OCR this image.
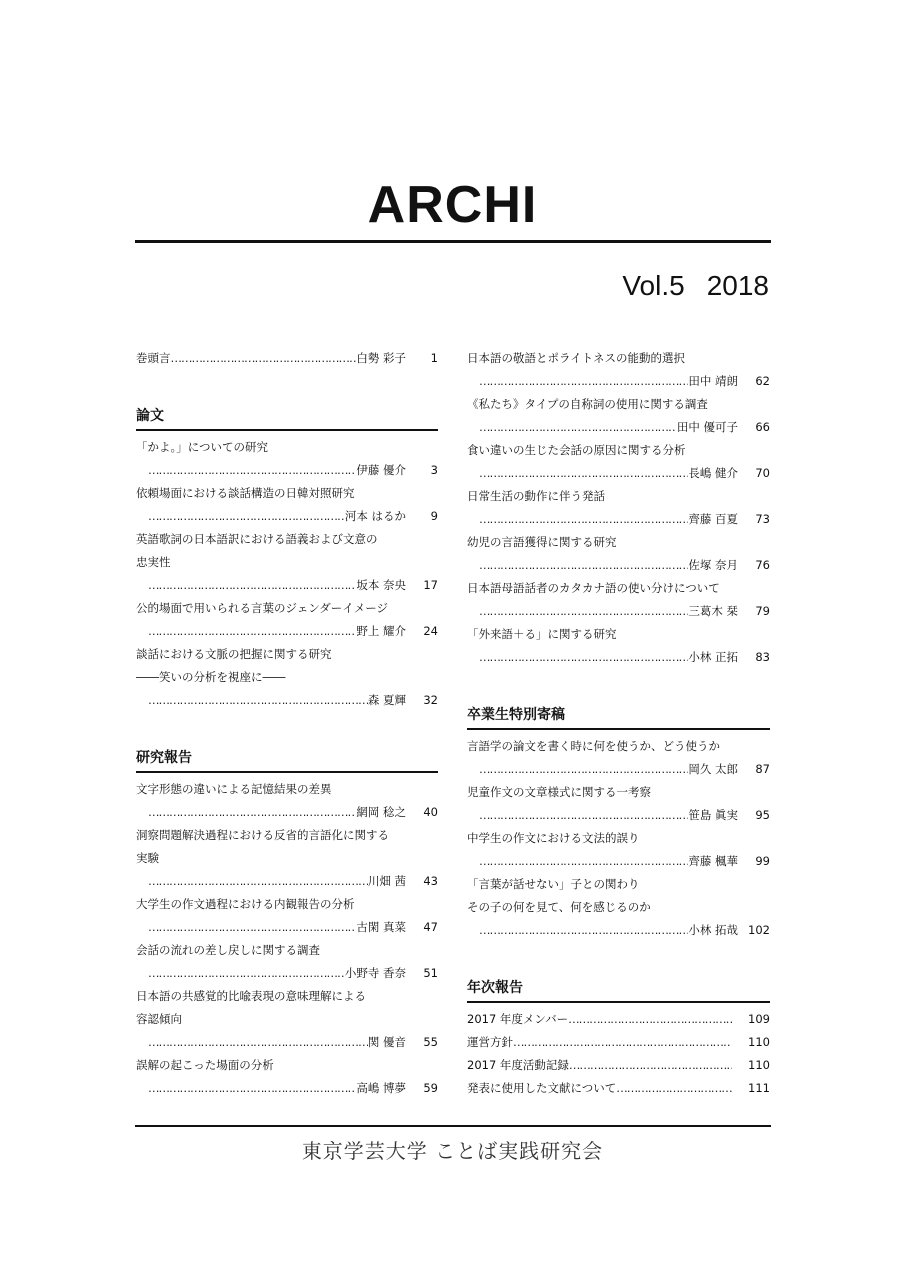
ARCHI
Vol.5 2018
巻頭言 …………………………………………………………………………………………………	白勢 彩子	1
論文
「かよ。」についての研究
…………………………………………………………………………………………………
伊藤 優介	3
依頼場面における談話構造の日韓対照研究
…………………………………………………………………………………………………
河本 はるか	9
英語歌詞の日本語訳における語義および文意の
忠実性
…………………………………………………………………………………………………
坂本 奈央	17
公的場面で用いられる言葉のジェンダーイメージ
…………………………………………………………………………………………………
野上 耀介	24
談話における文脈の把握に関する研究
――笑いの分析を視座に――
…………………………………………………………………………………………………
森 夏輝	32
研究報告
文字形態の違いによる記憶結果の差異
…………………………………………………………………………………………………
網岡 稔之	40
洞察問題解決過程における反省的言語化に関する
実験
…………………………………………………………………………………………………
川畑 茜	43
大学生の作文過程における内観報告の分析
…………………………………………………………………………………………………
古閑 真菜	47
会話の流れの差し戻しに関する調査
…………………………………………………………………………………………………
小野寺 香奈	51
日本語の共感覚的比喩表現の意味理解による
容認傾向
…………………………………………………………………………………………………
関 優音	55
誤解の起こった場面の分析
…………………………………………………………………………………………………
高嶋 博夢	59
日本語の敬語とポライトネスの能動的選択
…………………………………………………………………………………………………
田中 靖朗	62
《私たち》タイプの自称詞の使用に関する調査
…………………………………………………………………………………………………
田中 優可子	66
食い違いの生じた会話の原因に関する分析
…………………………………………………………………………………………………
長嶋 健介	70
日常生活の動作に伴う発話
…………………………………………………………………………………………………
齊藤 百夏	73
幼児の言語獲得に関する研究
…………………………………………………………………………………………………
佐塚 奈月	76
日本語母語話者のカタカナ語の使い分けについて
…………………………………………………………………………………………………
三葛木 栞	79
「外来語＋る」に関する研究
…………………………………………………………………………………………………
小林 正拓	83
卒業生特別寄稿
言語学の論文を書く時に何を使うか、どう使うか
…………………………………………………………………………………………………
岡久 太郎	87
児童作文の文章様式に関する一考察
…………………………………………………………………………………………………
笹島 眞実	95
中学生の作文における文法的誤り
…………………………………………………………………………………………………
齊藤 楓華	99
「言葉が話せない」子との関わり
その子の何を見て、何を感じるのか
…………………………………………………………………………………………………
小林 拓哉 102
年次報告
2017 年度メンバー …………………………………………………………………………………………………	109
運営方針 …………………………………………………………………………………………………	110
2017 年度活動記録 …………………………………………………………………………………………………	110
発表に使用した文献について …………………………………………………………………………………………………	111
東京学芸大学 ことば実践研究会
